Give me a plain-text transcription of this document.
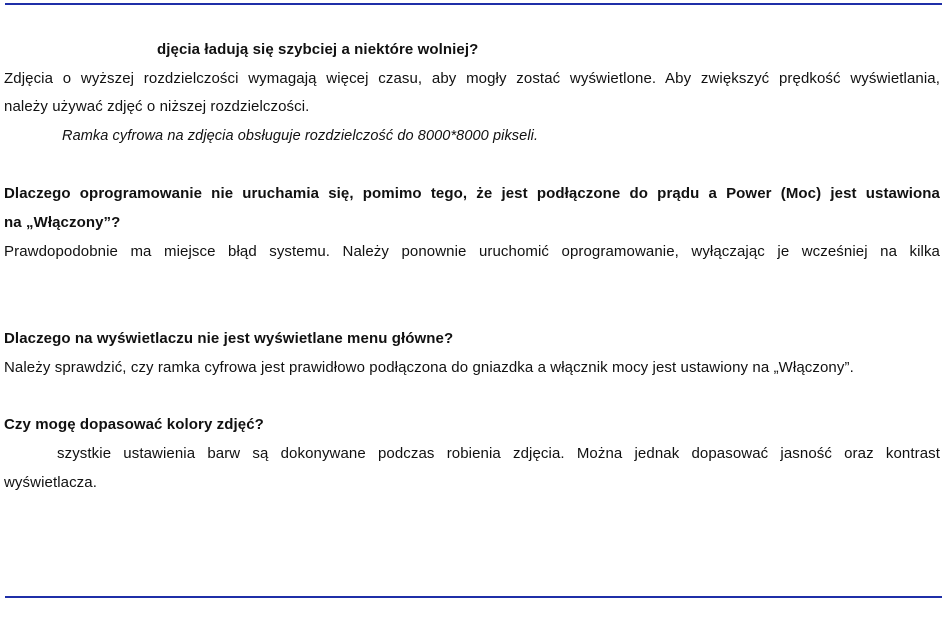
djęcia ładują się szybciej a niektóre wolniej?
Zdjęcia o wyższej rozdzielczości wymagają więcej czasu, aby mogły zostać wyświetlone. Aby zwiększyć prędkość wyświetlania,
należy używać zdjęć o niższej rozdzielczości.
Ramka cyfrowa na zdjęcia obsługuje rozdzielczość do 8000*8000 pikseli.
Dlaczego oprogramowanie nie uruchamia się, pomimo tego, że jest podłączone do prądu a Power (Moc) jest ustawiona
na „Włączony”?
Prawdopodobnie ma miejsce błąd systemu. Należy ponownie uruchomić oprogramowanie, wyłączając je wcześniej na kilka
Dlaczego na wyświetlaczu nie jest wyświetlane menu główne?
Należy sprawdzić, czy ramka cyfrowa jest prawidłowo podłączona do gniazdka a włącznik mocy jest ustawiony na „Włączony”.
Czy mogę dopasować kolory zdjęć?
szystkie ustawienia barw są dokonywane podczas robienia zdjęcia. Można jednak dopasować jasność oraz kontrast
wyświetlacza.
